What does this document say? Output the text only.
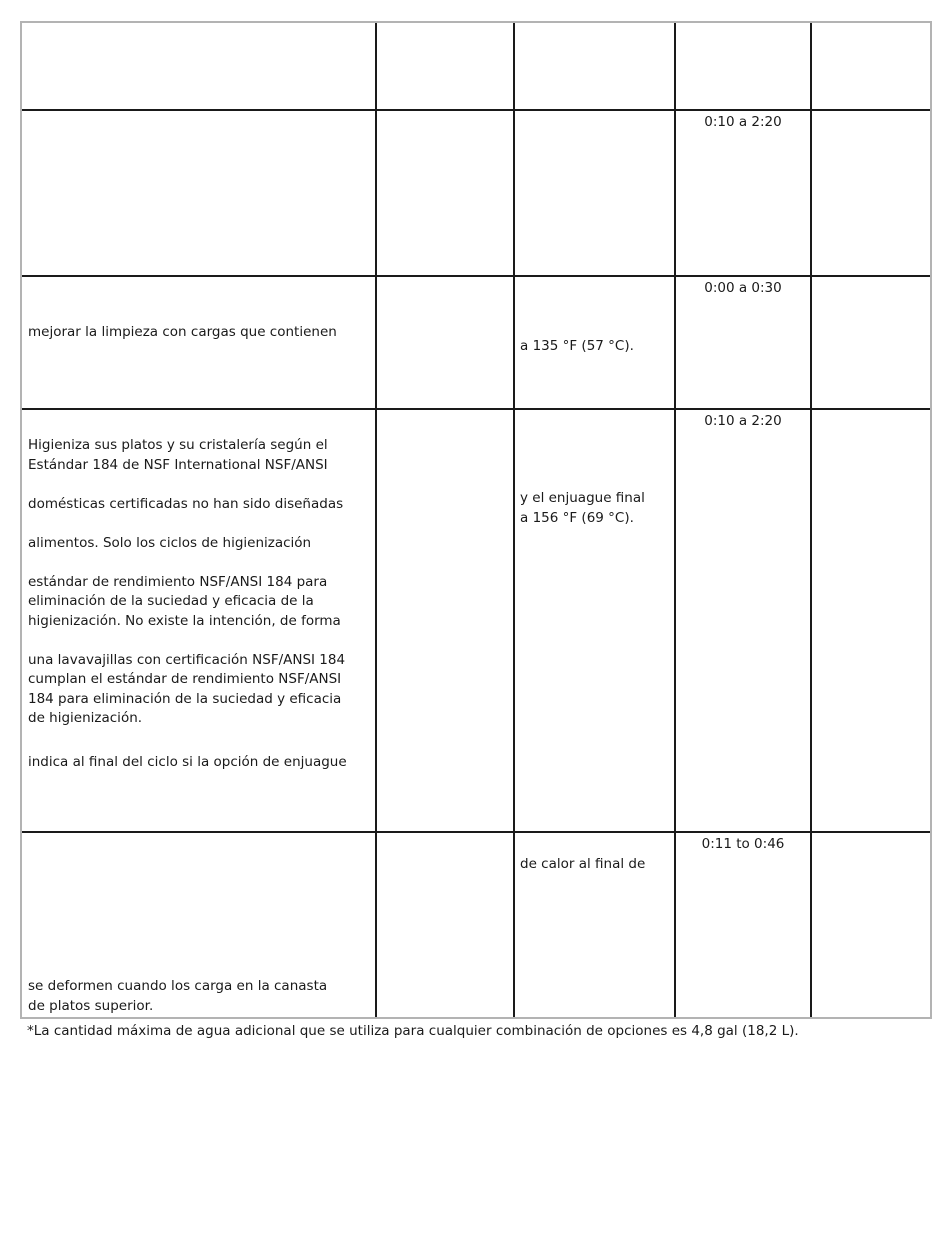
0:10 a 2:20

mejorar la limpieza con cargas que contienen

a 135 °F (57 °C).

0:00 a 0:30

Higieniza sus platos y su cristalería según el

Estándar 184 de NSF International NSF/ANSI

domésticas certificadas no han sido diseñadas

alimentos. Solo los ciclos de higienización

estándar de rendimiento NSF/ANSI 184 para

eliminación de la suciedad y eficacia de la

higienización. No existe la intención, de forma

una lavavajillas con certificación NSF/ANSI 184

cumplan el estándar de rendimiento NSF/ANSI

184 para eliminación de la suciedad y eficacia

de higienización.

indica al final del ciclo si la opción de enjuague

y el enjuague final

a 156 °F (69 °C).

0:10 a 2:20

se deformen cuando los carga en la canasta

de platos superior.

de calor al final de

0:11 to 0:46
*La cantidad máxima de agua adicional que se utiliza para cualquier combinación de opciones es 4,8 gal (18,2 L).
